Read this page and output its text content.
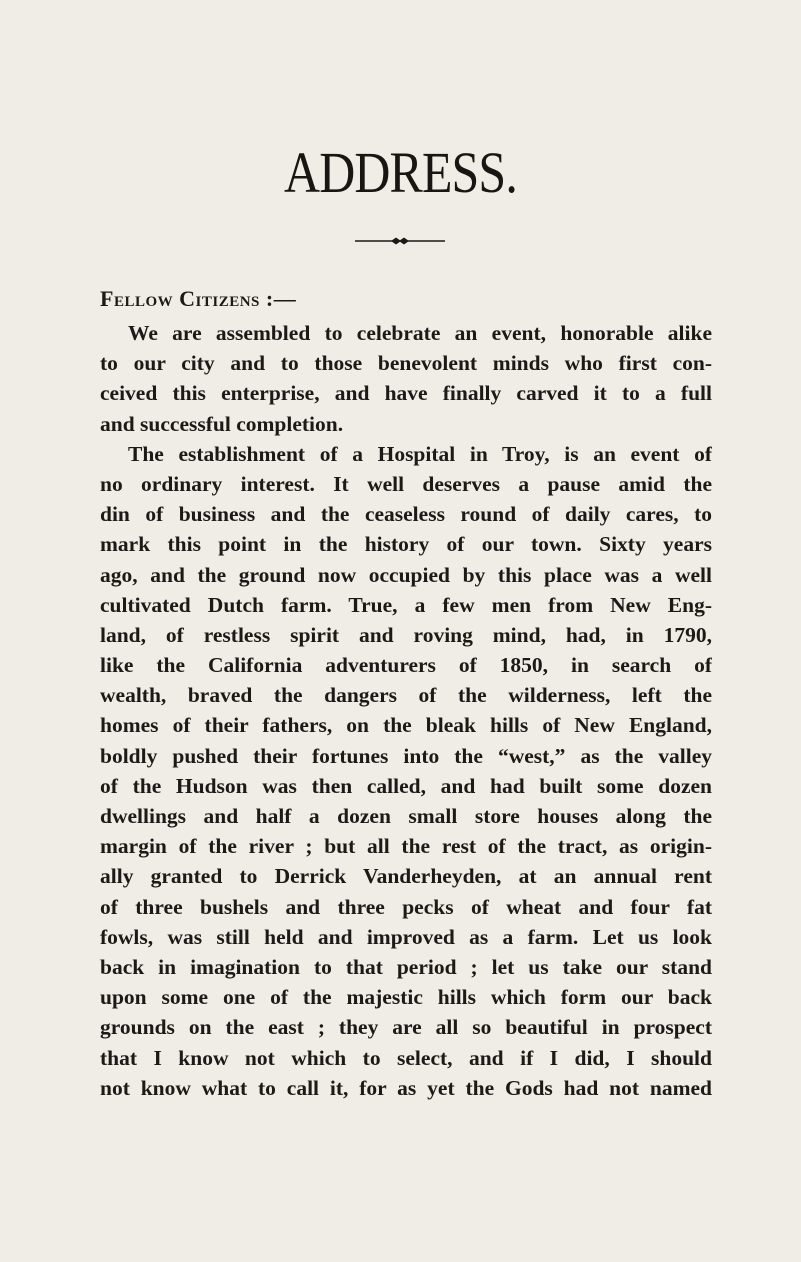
ADDRESS.
Fellow Citizens :—
We are assembled to celebrate an event, honorable alike
to our city and to those benevolent minds who first con-
ceived this enterprise, and have finally carved it to a full
and successful completion.
The establishment of a Hospital in Troy, is an event of
no ordinary interest. It well deserves a pause amid the
din of business and the ceaseless round of daily cares, to
mark this point in the history of our town. Sixty years
ago, and the ground now occupied by this place was a well
cultivated Dutch farm. True, a few men from New Eng-
land, of restless spirit and roving mind, had, in 1790,
like the California adventurers of 1850, in search of
wealth, braved the dangers of the wilderness, left the
homes of their fathers, on the bleak hills of New England,
boldly pushed their fortunes into the “west,” as the valley
of the Hudson was then called, and had built some dozen
dwellings and half a dozen small store houses along the
margin of the river ; but all the rest of the tract, as origin-
ally granted to Derrick Vanderheyden, at an annual rent
of three bushels and three pecks of wheat and four fat
fowls, was still held and improved as a farm. Let us look
back in imagination to that period ; let us take our stand
upon some one of the majestic hills which form our back
grounds on the east ; they are all so beautiful in prospect
that I know not which to select, and if I did, I should
not know what to call it, for as yet the Gods had not named
